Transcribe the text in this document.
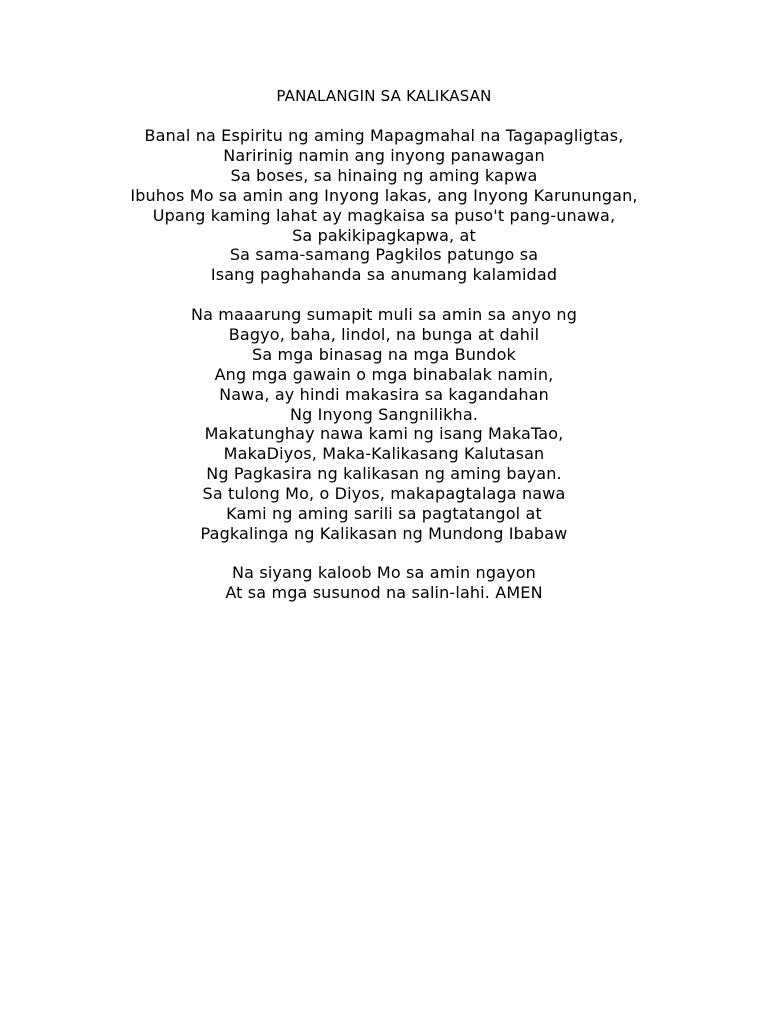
PANALANGIN SA KALIKASAN
Banal na Espiritu ng aming Mapagmahal na Tagapagligtas,
Naririnig namin ang inyong panawagan
Sa boses, sa hinaing ng aming kapwa
Ibuhos Mo sa amin ang Inyong lakas, ang Inyong Karunungan,
Upang kaming lahat ay magkaisa sa puso't pang-unawa,
Sa pakikipagkapwa, at
Sa sama-samang Pagkilos patungo sa
Isang paghahanda sa anumang kalamidad
Na maaarung sumapit muli sa amin sa anyo ng
Bagyo, baha, lindol, na bunga at dahil
Sa mga binasag na mga Bundok
Ang mga gawain o mga binabalak namin,
Nawa, ay hindi makasira sa kagandahan
Ng Inyong Sangnilikha.
Makatunghay nawa kami ng isang MakaTao,
MakaDiyos, Maka-Kalikasang Kalutasan
Ng Pagkasira ng kalikasan ng aming bayan.
Sa tulong Mo, o Diyos, makapagtalaga nawa
Kami ng aming sarili sa pagtatangol at
Pagkalinga ng Kalikasan ng Mundong Ibabaw
Na siyang kaloob Mo sa amin ngayon
At sa mga susunod na salin-lahi. AMEN
